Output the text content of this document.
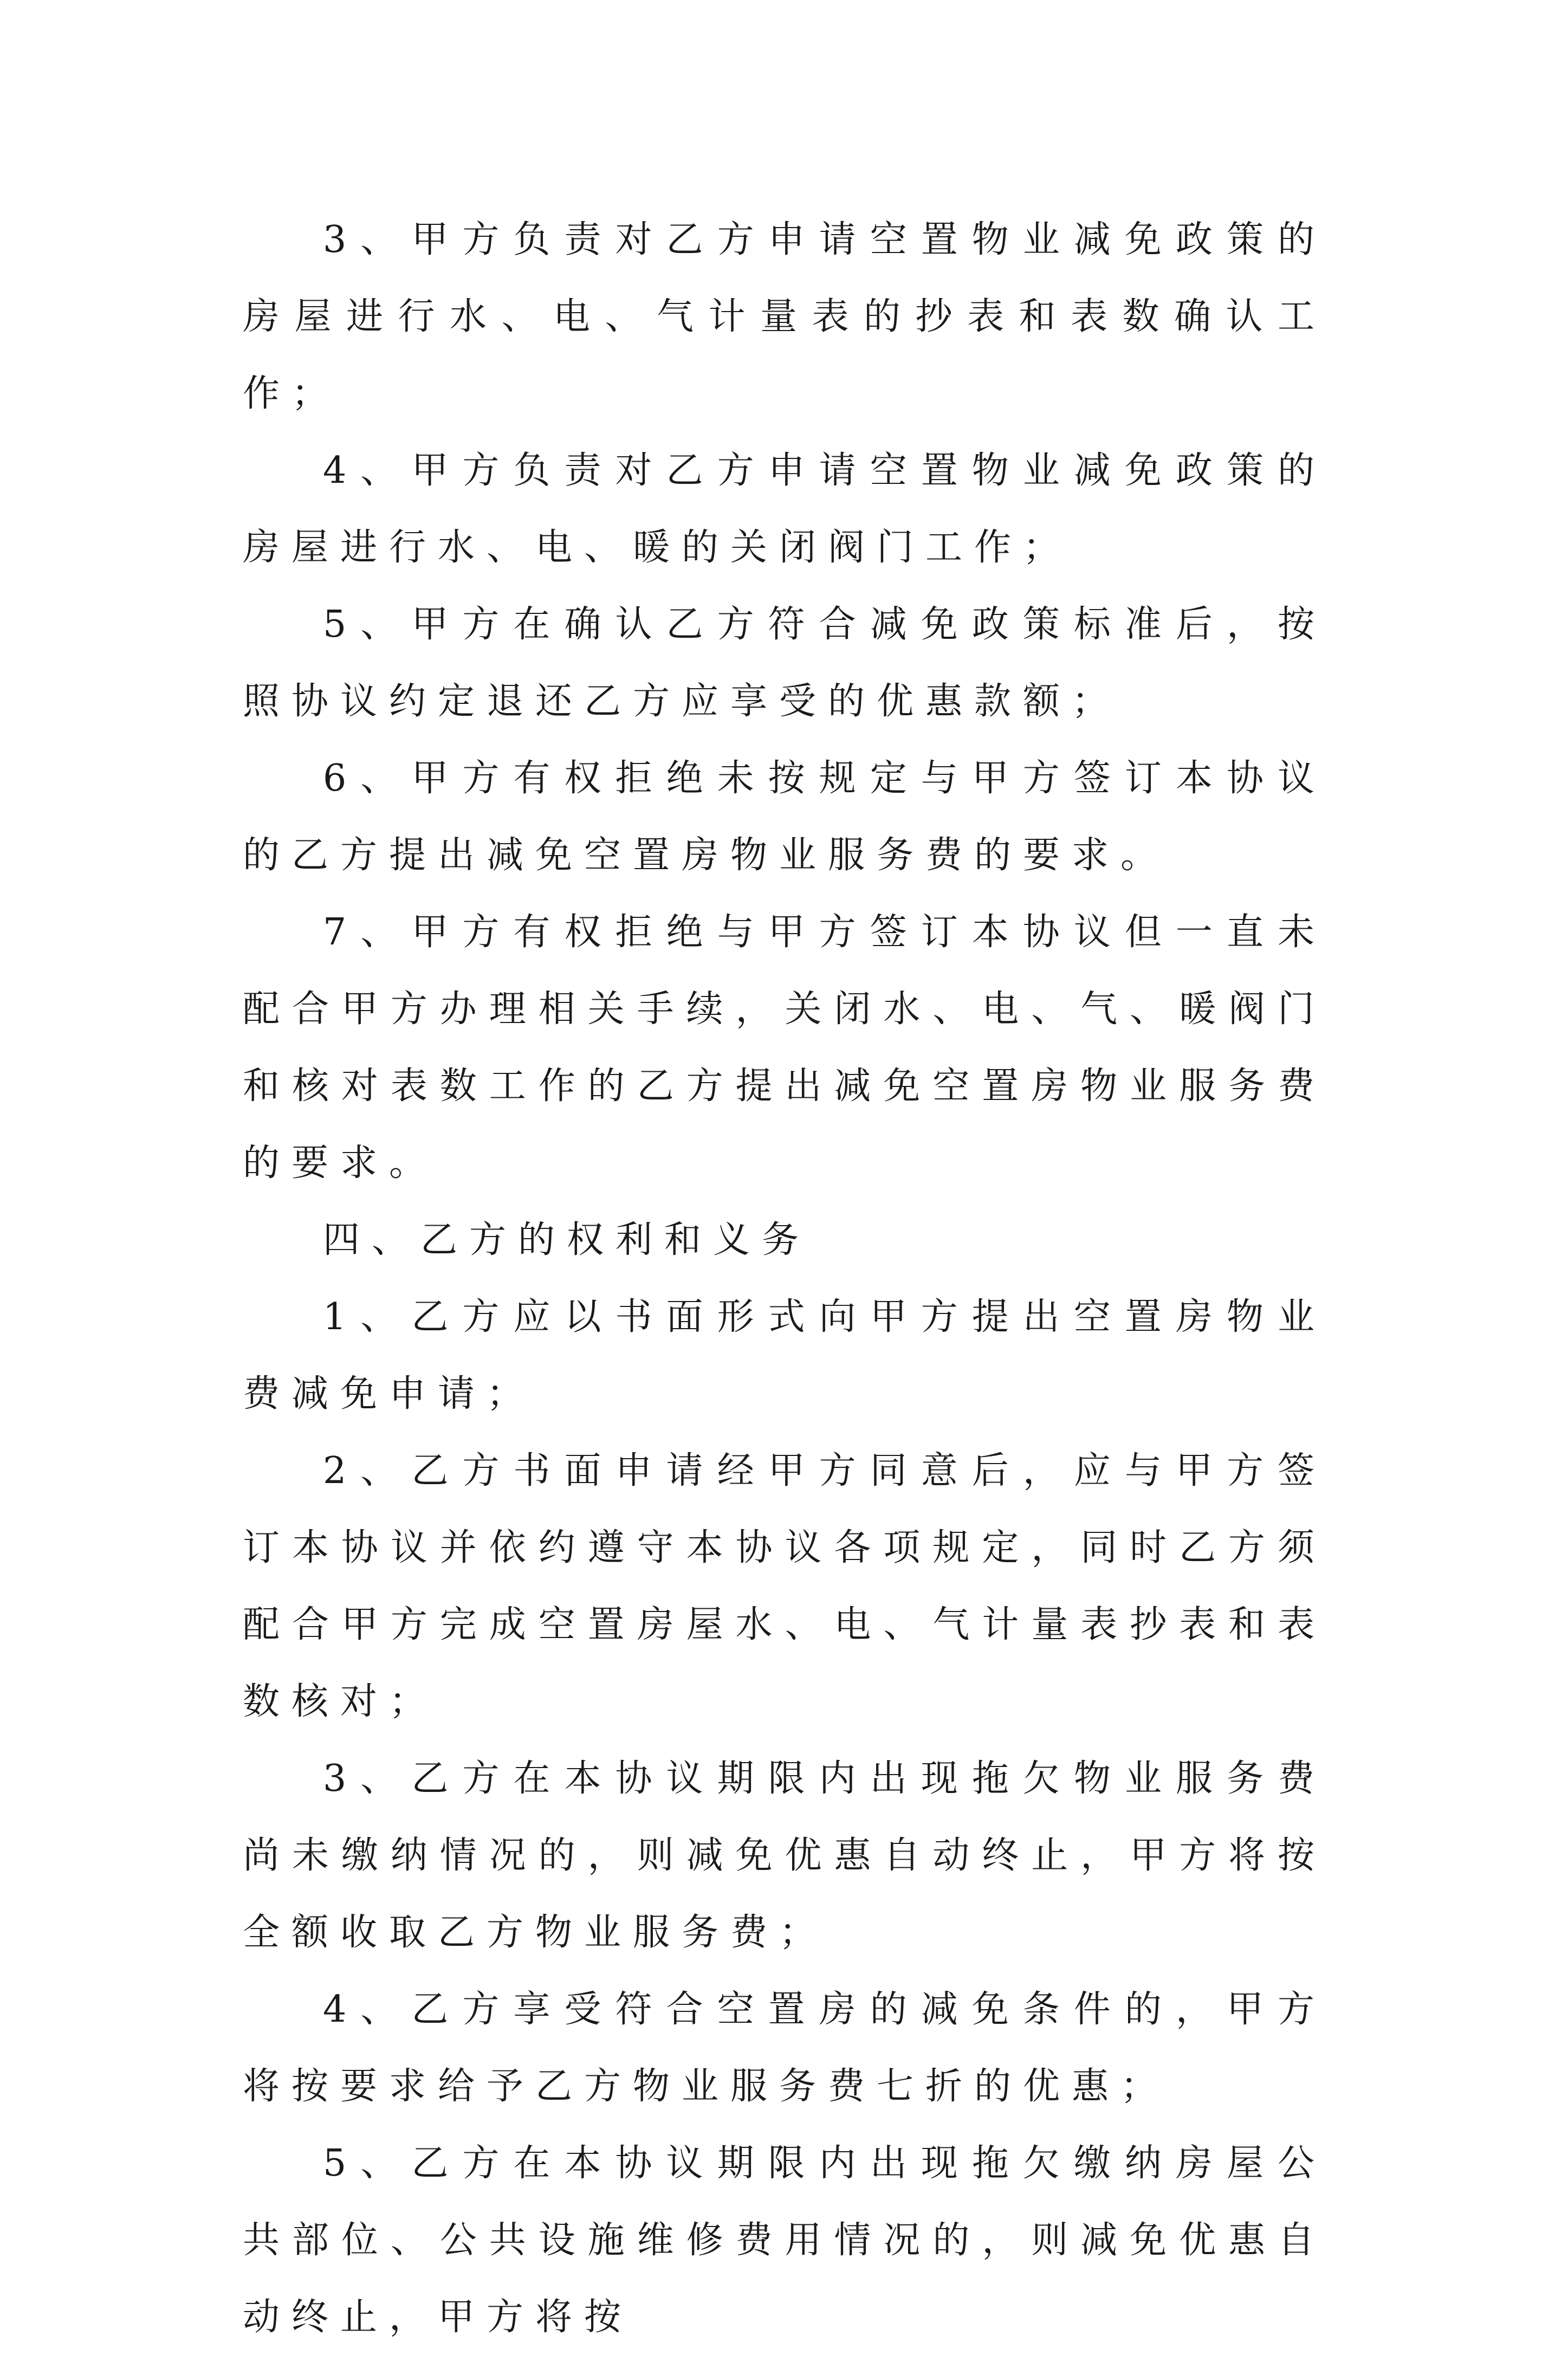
3、甲方负责对乙方申请空置物业减免政策的房屋进行水、电、气计量表的抄表和表数确认工作；

4、甲方负责对乙方申请空置物业减免政策的房屋进行水、电、暖的关闭阀门工作；

5、甲方在确认乙方符合减免政策标准后，按照协议约定退还乙方应享受的优惠款额；

6、甲方有权拒绝未按规定与甲方签订本协议的乙方提出减免空置房物业服务费的要求。

7、甲方有权拒绝与甲方签订本协议但一直未配合甲方办理相关手续，关闭水、电、气、暖阀门和核对表数工作的乙方提出减免空置房物业服务费的要求。

四、乙方的权利和义务

1、乙方应以书面形式向甲方提出空置房物业费减免申请；

2、乙方书面申请经甲方同意后，应与甲方签订本协议并依约遵守本协议各项规定，同时乙方须配合甲方完成空置房屋水、电、气计量表抄表和表数核对；

3、乙方在本协议期限内出现拖欠物业服务费尚未缴纳情况的，则减免优惠自动终止，甲方将按全额收取乙方物业服务费；

4、乙方享受符合空置房的减免条件的，甲方将按要求给予乙方物业服务费七折的优惠；

5、乙方在本协议期限内出现拖欠缴纳房屋公共部位、公共设施维修费用情况的，则减免优惠自动终止，甲方将按
